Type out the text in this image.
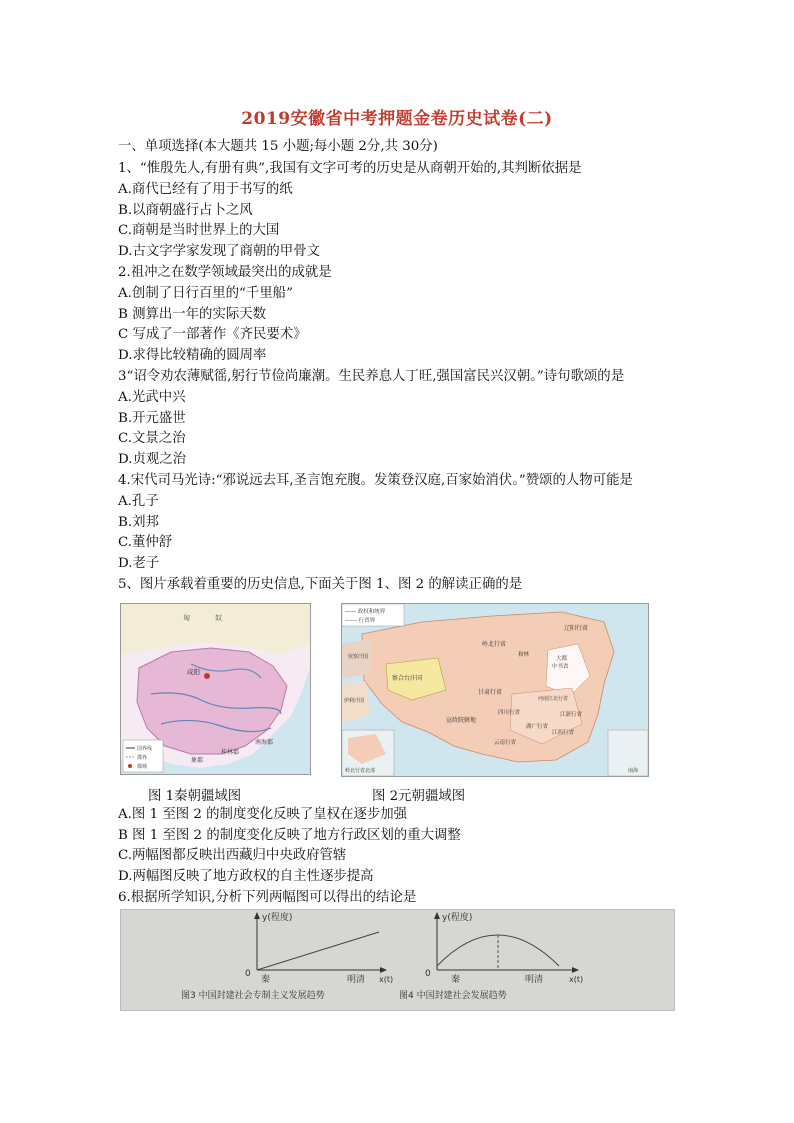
2019安徽省中考押题金卷历史试卷(二)
一、单项选择(本大题共 15 小题;每小题 2分,共 30分)
1、“惟殷先人,有册有典”,我国有文字可考的历史是从商朝开始的,其判断依据是
A.商代已经有了用于书写的纸
B.以商朝盛行占卜之风
C.商朝是当时世界上的大国
D.古文字学家发现了商朝的甲骨文
2.祖冲之在数学领域最突出的成就是
A.创制了日行百里的“千里船”
B 测算出一年的实际天数
C 写成了一部著作《齐民要术》
D.求得比较精确的圆周率
3“诏令劝农薄赋徭,躬行节俭尚廉潮。生民养息人丁旺,强国富民兴汉朝。”诗句歌颂的是
A.光武中兴
B.开元盛世
C.文景之治
D.贞观之治
4.宋代司马光诗:“邪说远去耳,圣言饱充腹。发策登汉庭,百家始消伏。”赞颂的人物可能是
A.孔子
B.刘邦
C.董仲舒
D.老子
5、图片承载着重要的历史信息,下面关于图 1、图 2 的解读正确的是
匈	奴
咸阳
桂林郡
象郡
南海郡
国界线
郡界
都城
—— 政权和统界
------ 行省界
岭北行省
辽阳行省
中书省
大都
甘肃行省
河南江北行省
四川行省
湖广行省
江浙行省
江西行省
宣政院辖地
云南行省
察合台汗国
钦察汗国
伊利汗国
和林
岭北行省北部	南海
图 1秦朝疆域图	图 2元朝疆域图
A.图 1 至图 2 的制度变化反映了皇权在逐步加强
B 图 1 至图 2 的制度变化反映了地方行政区划的重大调整
C.两幅图都反映出西藏归中央政府管辖
D.两幅图反映了地方政权的自主性逐步提高
6.根据所学知识,分析下列两幅图可以得出的结论是
y(程度)
0
秦	明清 x(t)
图3 中国封建社会专制主义发展趋势
y(程度)
0
秦	明清	x(t)
图4 中国封建社会发展趋势
